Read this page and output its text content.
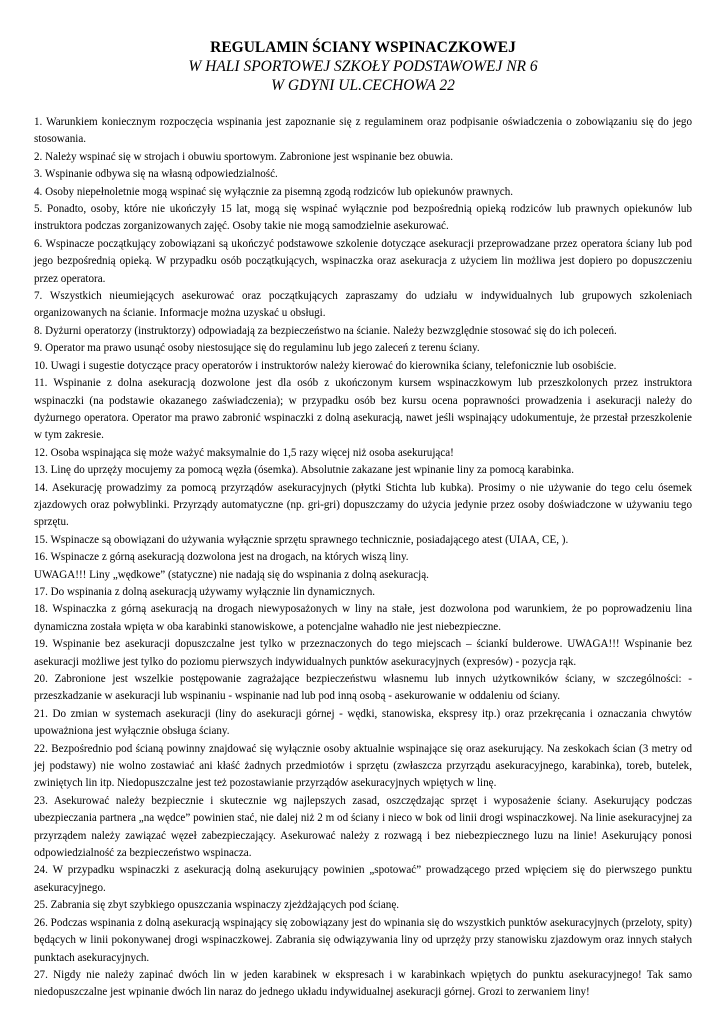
REGULAMIN ŚCIANY WSPINACZKOWEJ
W HALI SPORTOWEJ SZKOŁY PODSTAWOWEJ NR 6
W GDYNI UL.CECHOWA 22

1. Warunkiem koniecznym rozpoczęcia wspinania jest zapoznanie się z regulaminem oraz podpisanie oświadczenia o zobowiązaniu się do jego stosowania.

2. Należy wspinać się w strojach i obuwiu sportowym. Zabronione jest wspinanie bez obuwia.

3. Wspinanie odbywa się na własną odpowiedzialność.

4. Osoby niepełnoletnie mogą wspinać się wyłącznie za pisemną zgodą rodziców lub opiekunów prawnych.

5. Ponadto, osoby, które nie ukończyły 15 lat, mogą się wspinać wyłącznie pod bezpośrednią opieką rodziców lub prawnych opiekunów lub instruktora podczas zorganizowanych zajęć. Osoby takie nie mogą samodzielnie asekurować.

6. Wspinacze początkujący zobowiązani są ukończyć podstawowe szkolenie dotyczące asekuracji przeprowadzane przez operatora ściany lub pod jego bezpośrednią opieką. W przypadku osób początkujących, wspinaczka oraz asekuracja z użyciem lin możliwa jest dopiero po dopuszczeniu przez operatora.

7. Wszystkich nieumiejących asekurować oraz początkujących zapraszamy do udziału w indywidualnych lub grupowych szkoleniach organizowanych na ścianie. Informacje można uzyskać u obsługi.

8. Dyżurni operatorzy (instruktorzy) odpowiadają za bezpieczeństwo na ścianie. Należy bezwzględnie stosować się do ich poleceń.

9. Operator ma prawo usunąć osoby niestosujące się do regulaminu lub jego zaleceń z terenu ściany.

10. Uwagi i sugestie dotyczące pracy operatorów i instruktorów należy kierować do kierownika ściany, telefonicznie lub osobiście.

11. Wspinanie z dolna asekuracją dozwolone jest dla osób z ukończonym kursem wspinaczkowym lub przeszkolonych przez instruktora wspinaczki (na podstawie okazanego zaświadczenia); w przypadku osób bez kursu ocena poprawności prowadzenia i asekuracji należy do dyżurnego operatora. Operator ma prawo zabronić wspinaczki z dolną asekuracją, nawet jeśli wspinający udokumentuje, że przestał przeszkolenie w tym zakresie.

12. Osoba wspinająca się może ważyć maksymalnie do 1,5 razy więcej niż osoba asekurująca!

13. Linę do uprzęży mocujemy za pomocą węzła (ósemka). Absolutnie zakazane jest wpinanie liny za pomocą karabinka.

14. Asekurację prowadzimy za pomocą przyrządów asekuracyjnych (płytki Stichta lub kubka). Prosimy o nie używanie do tego celu ósemek zjazdowych oraz połwyblinki. Przyrządy automatyczne (np. gri-gri) dopuszczamy do użycia jedynie przez osoby doświadczone w używaniu tego sprzętu.

15. Wspinacze są obowiązani do używania wyłącznie sprzętu sprawnego technicznie, posiadającego atest (UIAA, CE, ).

16. Wspinacze z górną asekuracją dozwolona jest na drogach, na których wiszą liny.

UWAGA!!! Liny „wędkowe” (statyczne) nie nadają się do wspinania z dolną asekuracją.

17. Do wspinania z dolną asekuracją używamy wyłącznie lin dynamicznych.

18. Wspinaczka z górną asekuracją na drogach niewyposażonych w liny na stałe, jest dozwolona pod warunkiem, że po poprowadzeniu lina dynamiczna została wpięta w oba karabinki stanowiskowe, a potencjalne wahadło nie jest niebezpieczne.

19. Wspinanie bez asekuracji dopuszczalne jest tylko w przeznaczonych do tego miejscach – ściankí bulderowe. UWAGA!!! Wspinanie bez asekuracji możliwe jest tylko do poziomu pierwszych indywidualnych punktów asekuracyjnych (expresów) - pozycja rąk.

20. Zabronione jest wszelkie postępowanie zagrażające bezpieczeństwu własnemu lub innych użytkowników ściany, w szczególności: - przeszkadzanie w asekuracji lub wspinaniu - wspinanie nad lub pod inną osobą - asekurowanie w oddaleniu od ściany.

21. Do zmian w systemach asekuracji (liny do asekuracji górnej - wędki, stanowiska, ekspresy itp.) oraz przekręcania i oznaczania chwytów upoważniona jest wyłącznie obsługa ściany.

22. Bezpośrednio pod ścianą powinny znajdować się wyłącznie osoby aktualnie wspinające się oraz asekurujący. Na zeskokach ścian (3 metry od jej podstawy) nie wolno zostawiać ani kłaść żadnych przedmiotów i sprzętu (zwłaszcza przyrządu asekuracyjnego, karabinka), toreb, butelek, zwiniętych lin itp. Niedopuszczalne jest też pozostawianie przyrządów asekuracyjnych wpiętych w linę.

23. Asekurować należy bezpiecznie i skutecznie wg najlepszych zasad, oszczędzając sprzęt i wyposażenie ściany. Asekurujący podczas ubezpieczania partnera „na wędce” powinien stać, nie dalej niż 2 m od ściany i nieco w bok od linii drogi wspinaczkowej. Na linie asekuracyjnej za przyrządem należy zawiązać węzeł zabezpieczający. Asekurować należy z rozwagą i bez niebezpiecznego luzu na linie! Asekurujący ponosi odpowiedzialność za bezpieczeństwo wspinacza.

24. W przypadku wspinaczki z asekuracją dolną asekurujący powinien „spotować” prowadzącego przed wpięciem się do pierwszego punktu asekuracyjnego.

25. Zabrania się zbyt szybkiego opuszczania wspinaczy zjeżdżających pod ścianę.

26. Podczas wspinania z dolną asekuracją wspinający się zobowiązany jest do wpinania się do wszystkich punktów asekuracyjnych (przeloty, spity) będących w linii pokonywanej drogi wspinaczkowej. Zabrania się odwiązywania liny od uprzęży przy stanowisku zjazdowym oraz innych stałych punktach asekuracyjnych.

27. Nigdy nie należy zapinać dwóch lin w jeden karabinek w ekspresach i w karabinkach wpiętych do punktu asekuracyjnego! Tak samo niedopuszczalne jest wpinanie dwóch lin naraz do jednego układu indywidualnej asekuracji górnej. Grozi to zerwaniem liny!
